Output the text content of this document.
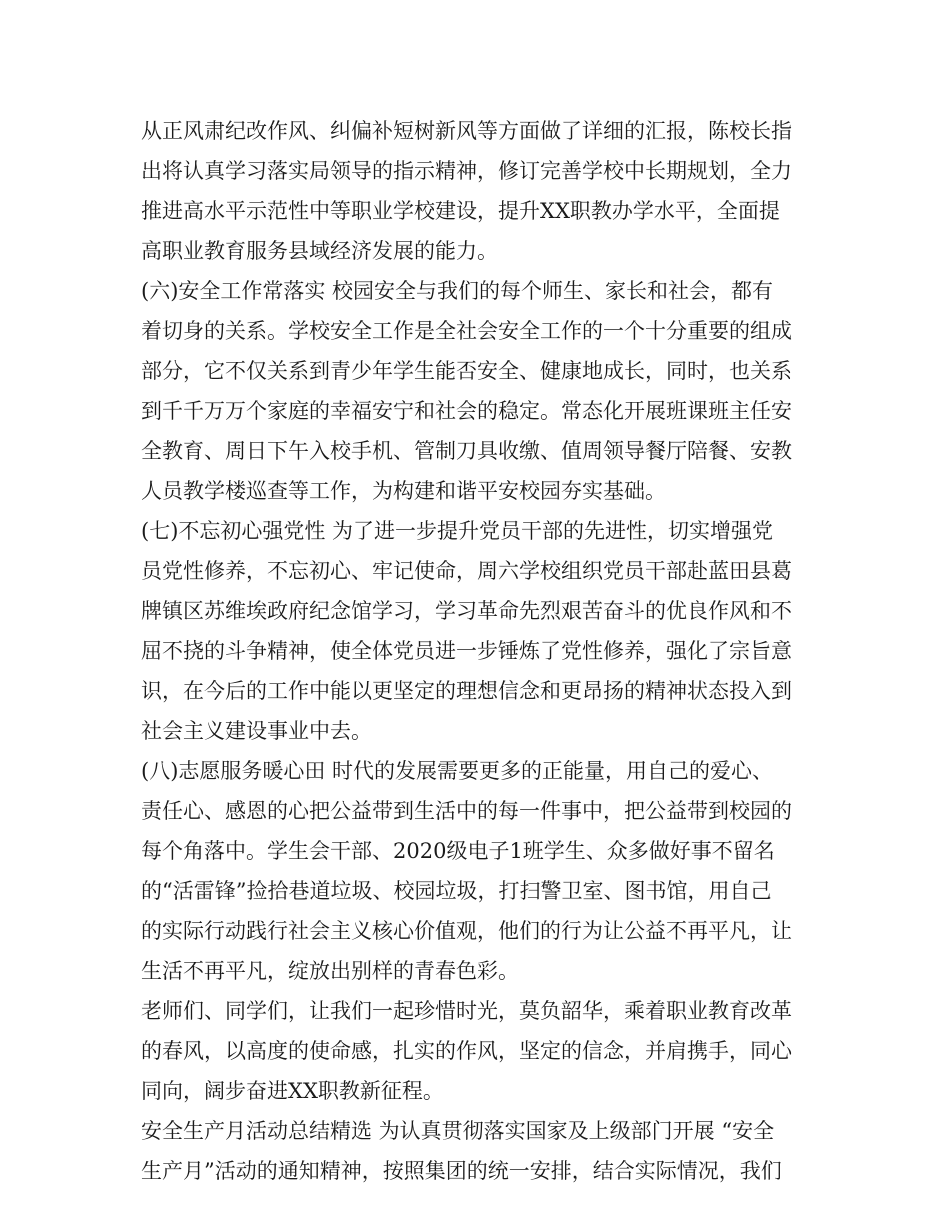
从正风肃纪改作风、纠偏补短树新风等方面做了详细的汇报，陈校长指
出将认真学习落实局领导的指示精神，修订完善学校中长期规划，全力
推进高水平示范性中等职业学校建设，提升XX职教办学水平，全面提
高职业教育服务县域经济发展的能力。
(六)安全工作常落实 校园安全与我们的每个师生、家长和社会，都有
着切身的关系。学校安全工作是全社会安全工作的一个十分重要的组成
部分，它不仅关系到青少年学生能否安全、健康地成长，同时，也关系
到千千万万个家庭的幸福安宁和社会的稳定。常态化开展班课班主任安
全教育、周日下午入校手机、管制刀具收缴、值周领导餐厅陪餐、安教
人员教学楼巡查等工作，为构建和谐平安校园夯实基础。
(七)不忘初心强党性 为了进一步提升党员干部的先进性，切实增强党
员党性修养，不忘初心、牢记使命，周六学校组织党员干部赴蓝田县葛
牌镇区苏维埃政府纪念馆学习，学习革命先烈艰苦奋斗的优良作风和不
屈不挠的斗争精神，使全体党员进一步锤炼了党性修养，强化了宗旨意
识，在今后的工作中能以更坚定的理想信念和更昂扬的精神状态投入到
社会主义建设事业中去。
(八)志愿服务暖心田 时代的发展需要更多的正能量，用自己的爱心、
责任心、感恩的心把公益带到生活中的每一件事中，把公益带到校园的
每个角落中。学生会干部、2020级电子1班学生、众多做好事不留名
的“活雷锋”捡拾巷道垃圾、校园垃圾，打扫警卫室、图书馆，用自己
的实际行动践行社会主义核心价值观，他们的行为让公益不再平凡，让
生活不再平凡，绽放出别样的青春色彩。
老师们、同学们，让我们一起珍惜时光，莫负韶华，乘着职业教育改革
的春风，以高度的使命感，扎实的作风，坚定的信念，并肩携手，同心
同向，阔步奋进XX职教新征程。
安全生产月活动总结精选 为认真贯彻落实国家及上级部门开展 “安全
生产月”活动的通知精神，按照集团的统一安排，结合实际情况，我们
